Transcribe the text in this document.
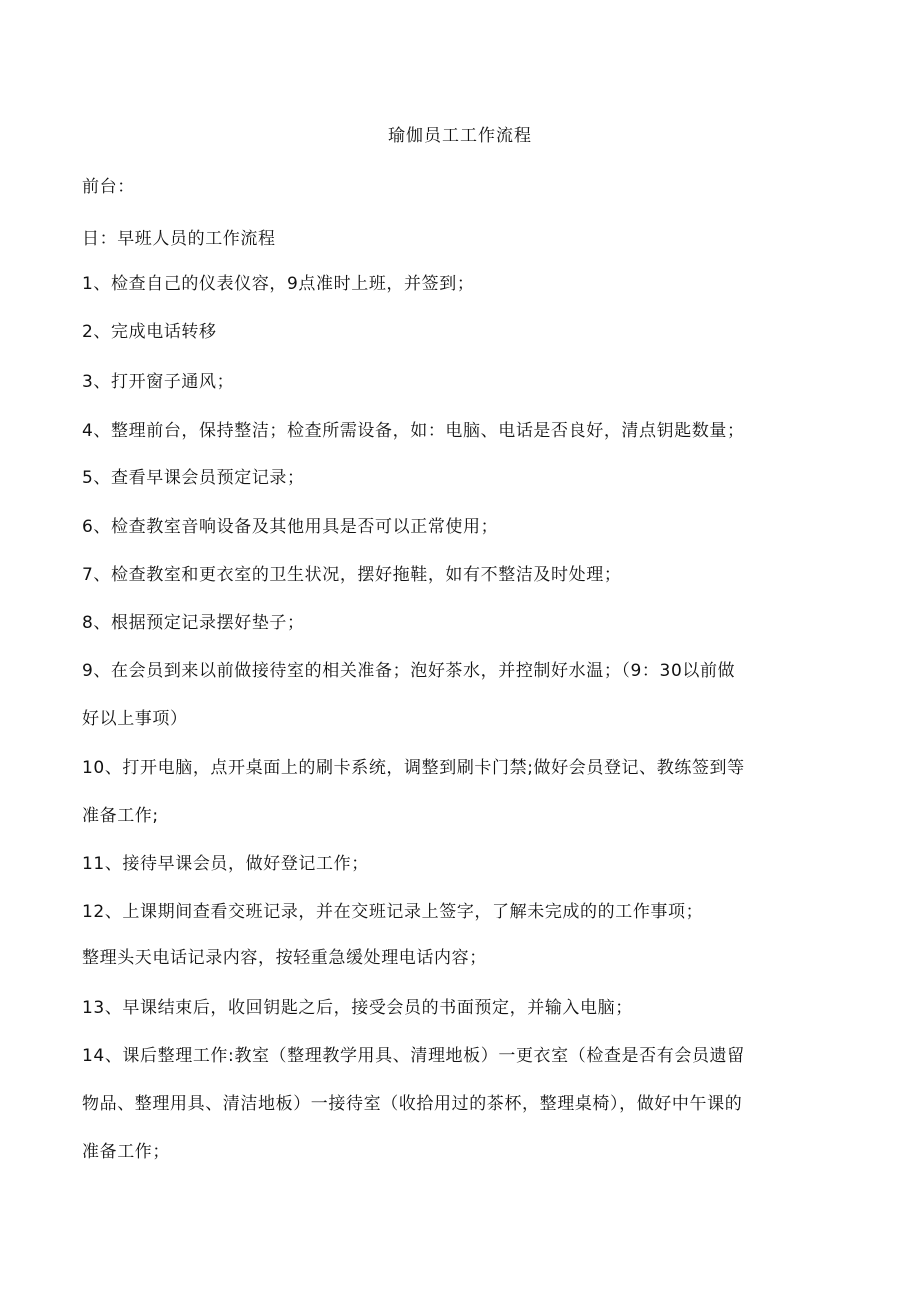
瑜伽员工工作流程
前台：
日：早班人员的工作流程
1、检查自己的仪表仪容，9点准时上班，并签到；
2、完成电话转移
3、打开窗子通风；
4、整理前台，保持整洁；检查所需设备，如：电脑、电话是否良好，清点钥匙数量；
5、查看早课会员预定记录；
6、检查教室音响设备及其他用具是否可以正常使用；
7、检查教室和更衣室的卫生状况，摆好拖鞋，如有不整洁及时处理；
8、根据预定记录摆好垫子；
9、在会员到来以前做接待室的相关准备；泡好茶水，并控制好水温；（9：30以前做
好以上事项）
10、打开电脑，点开桌面上的刷卡系统，调整到刷卡门禁;做好会员登记、教练签到等
准备工作;
11、接待早课会员，做好登记工作；
12、上课期间查看交班记录，并在交班记录上签字，了解未完成的的工作事项；
整理头天电话记录内容，按轻重急缓处理电话内容；
13、早课结束后，收回钥匙之后，接受会员的书面预定，并输入电脑；
14、课后整理工作:教室（整理教学用具、清理地板）一更衣室（检查是否有会员遗留
物品、整理用具、清洁地板）一接待室（收拾用过的茶杯，整理桌椅），做好中午课的
准备工作；
